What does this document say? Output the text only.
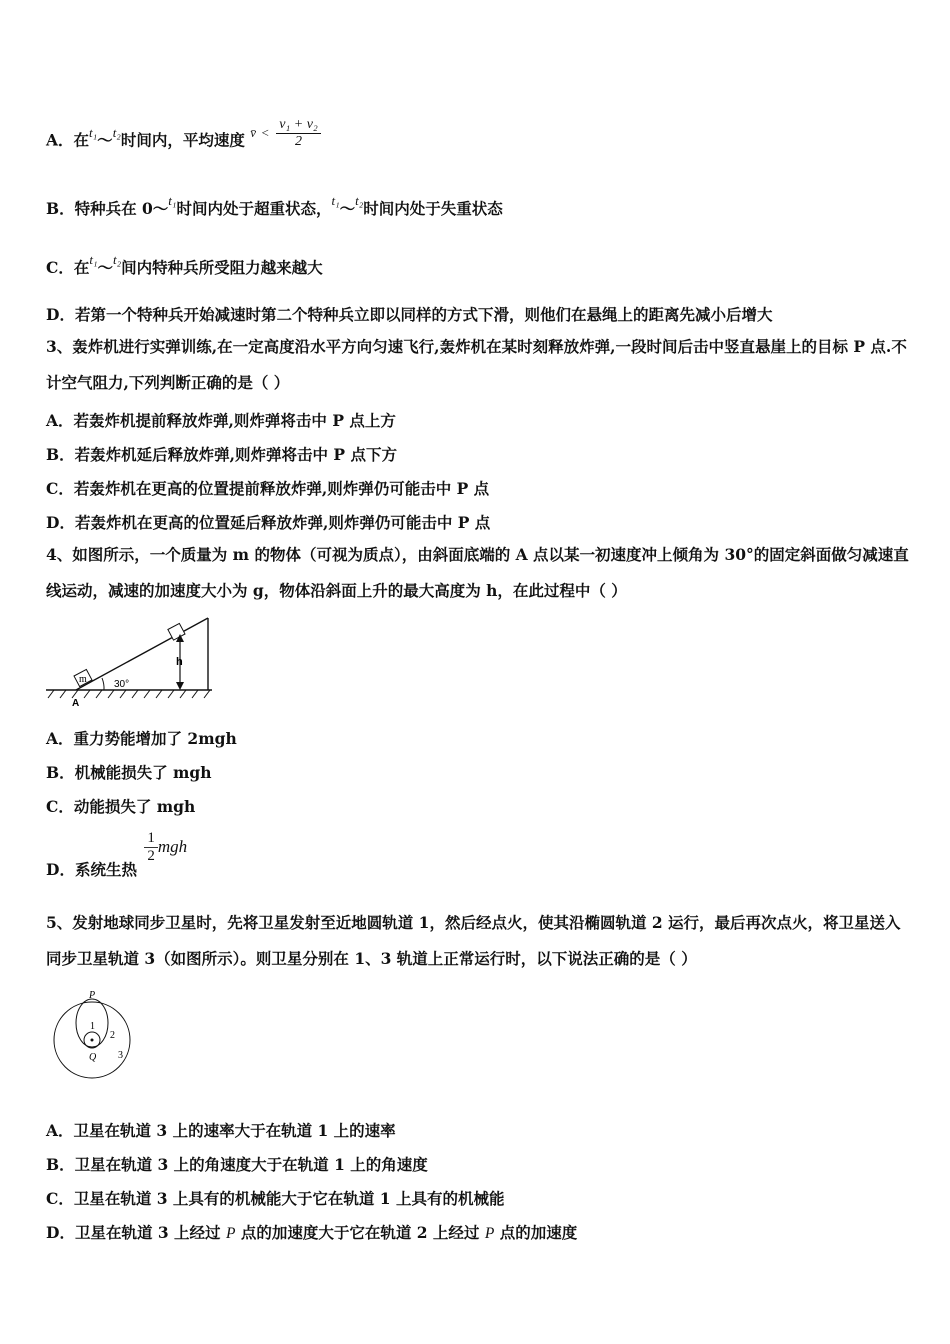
A．在$^{t_1}$～$^{t_2}$时间内，平均速度 $^{v̄}$ $^< \frac{\text{v₁ + v₂}}{2}$
B．特种兵在 0～$^{t_1}$时间内处于超重状态，$^{t_1}$～$^{t_2}$时间内处于失重状态
C．在$^{t_1}$～$^{t_2}$间内特种兵所受阻力越来越大
D．若第一个特种兵开始减速时第二个特种兵立即以同样的方式下滑，则他们在悬绳上的距离先减小后增大
3、轰炸机进行实弹训练,在一定高度沿水平方向匀速飞行,轰炸机在某时刻释放炸弹,一段时间后击中竖直悬崖上的目标 P 点.不计空气阻力,下列判断正确的是（ ）
A．若轰炸机提前释放炸弹,则炸弹将击中 P 点上方
B．若轰炸机延后释放炸弹,则炸弹将击中 P 点下方
C．若轰炸机在更高的位置提前释放炸弹,则炸弹仍可能击中 P 点
D．若轰炸机在更高的位置延后释放炸弹,则炸弹仍可能击中 P 点
4、如图所示，一个质量为 m 的物体（可视为质点），由斜面底端的 A 点以某一初速度冲上倾角为 30°的固定斜面做匀减速直线运动，减速的加速度大小为 g，物体沿斜面上升的最大高度为 h，在此过程中（ ）
m
h
30°
A
A．重力势能增加了 2mgh
B．机械能损失了 mgh
C．动能损失了 mgh
D．系统生热
$\frac{1}{2}$ mgh
5、发射地球同步卫星时，先将卫星发射至近地圆轨道 1，然后经点火，使其沿椭圆轨道 2 运行，最后再次点火，将卫星送入同步卫星轨道 3（如图所示）。则卫星分别在 1、3 轨道上正常运行时，以下说法正确的是（ ）
P
Q
1
2
3
A．卫星在轨道 3 上的速率大于在轨道 1 上的速率
B．卫星在轨道 3 上的角速度大于在轨道 1 上的角速度
C．卫星在轨道 3 上具有的机械能大于它在轨道 1 上具有的机械能
D．卫星在轨道 3 上经过 P 点的加速度大于它在轨道 2 上经过 P 点的加速度
